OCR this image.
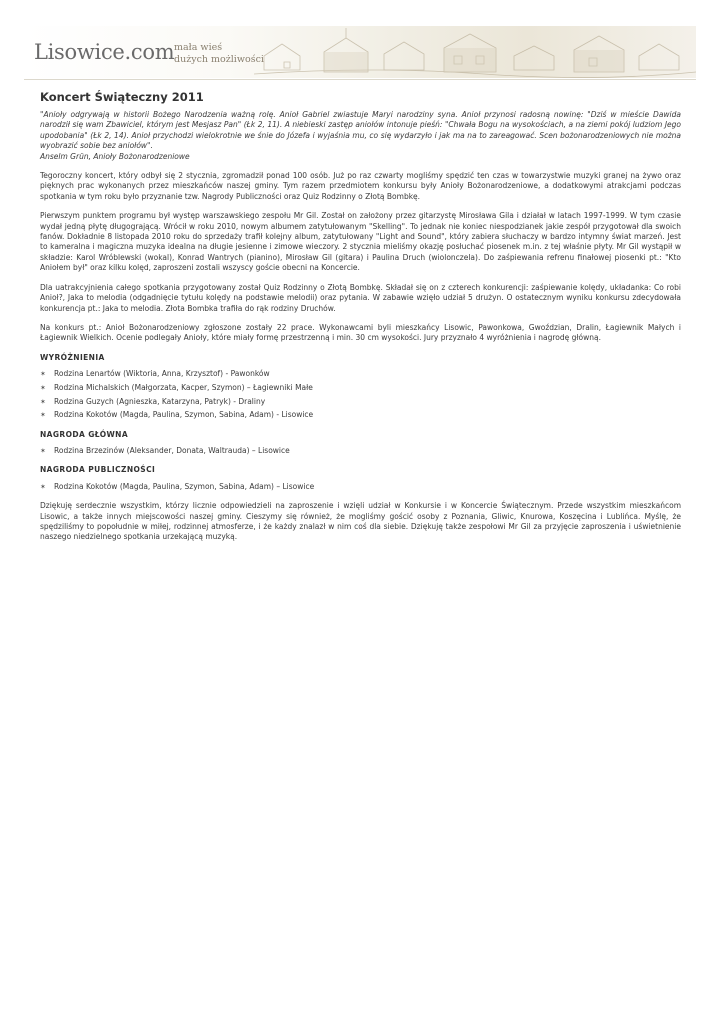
Lisowice.com mała wieś
dużych możliwości
Koncert Świąteczny 2011

"Anioły odgrywają w historii Bożego Narodzenia ważną rolę. Anioł Gabriel zwiastuje Maryi narodziny syna. Anioł przynosi radosną nowinę: "Dziś w mieście Dawida narodził się wam Zbawiciel, którym jest Mesjasz Pan" (Łk 2, 11). A niebieski zastęp aniołów intonuje pieśń: "Chwała Bogu na wysokościach, a na ziemi pokój ludziom Jego upodobania" (Łk 2, 14). Anioł przychodzi wielokrotnie we śnie do Józefa i wyjaśnia mu, co się wydarzyło i jak ma na to zareagować. Scen bożonarodzeniowych nie można wyobrazić sobie bez aniołów".

Anselm Grün, Anioły Bożonarodzeniowe

Tegoroczny koncert, który odbył się 2 stycznia, zgromadził ponad 100 osób. Już po raz czwarty mogliśmy spędzić ten czas w towarzystwie muzyki granej na żywo oraz pięknych prac wykonanych przez mieszkańców naszej gminy. Tym razem przedmiotem konkursu były Anioły Bożonarodzeniowe, a dodatkowymi atrakcjami podczas spotkania w tym roku było przyznanie tzw. Nagrody Publiczności oraz Quiz Rodzinny o Złotą Bombkę.

Pierwszym punktem programu był występ warszawskiego zespołu Mr Gil. Został on założony przez gitarzystę Mirosława Gila i działał w latach 1997-1999. W tym czasie wydał jedną płytę długogrającą. Wrócił w roku 2010, nowym albumem zatytułowanym "Skelling". To jednak nie koniec niespodzianek jakie zespół przygotował dla swoich fanów. Dokładnie 8 listopada 2010 roku do sprzedaży trafił kolejny album, zatytułowany "Light and Sound", który zabiera słuchaczy w bardzo intymny świat marzeń. Jest to kameralna i magiczna muzyka idealna na długie jesienne i zimowe wieczory. 2 stycznia mieliśmy okazję posłuchać piosenek m.in. z tej właśnie płyty. Mr Gil wystąpił w składzie: Karol Wróblewski (wokal), Konrad Wantrych (pianino), Mirosław Gil (gitara) i Paulina Druch (wiolonczela). Do zaśpiewania refrenu finałowej piosenki pt.: "Kto Aniołem był" oraz kilku kolęd, zaproszeni zostali wszyscy goście obecni na Koncercie.

Dla uatrakcyjnienia całego spotkania przygotowany został Quiz Rodzinny o Złotą Bombkę. Składał się on z czterech konkurencji: zaśpiewanie kolędy, układanka: Co robi Anioł?, Jaka to melodia (odgadnięcie tytułu kolędy na podstawie melodii) oraz pytania. W zabawie wzięło udział 5 drużyn. O ostatecznym wyniku konkursu zdecydowała konkurencja pt.: Jaka to melodia. Złota Bombka trafiła do rąk rodziny Druchów.

Na konkurs pt.: Anioł Bożonarodzeniowy zgłoszone zostały 22 prace. Wykonawcami byli mieszkańcy Lisowic, Pawonkowa, Gwoździan, Dralin, Łagiewnik Małych i Łagiewnik Wielkich. Ocenie podlegały Anioły, które miały formę przestrzenną i min. 30 cm wysokości. Jury przyznało 4 wyróżnienia i nagrodę główną.

WYRÓŻNIENIA
✶ Rodzina Lenartów (Wiktoria, Anna, Krzysztof) - Pawonków
✶ Rodzina Michalskich (Małgorzata, Kacper, Szymon) – Łagiewniki Małe
✶ Rodzina Guzych (Agnieszka, Katarzyna, Patryk) - Draliny
✶ Rodzina Kokotów (Magda, Paulina, Szymon, Sabina, Adam) - Lisowice
NAGRODA GŁÓWNA
✶ Rodzina Brzezinów (Aleksander, Donata, Waltrauda) – Lisowice
NAGRODA PUBLICZNOŚCI
✶ Rodzina Kokotów (Magda, Paulina, Szymon, Sabina, Adam) – Lisowice

Dziękuję serdecznie wszystkim, którzy licznie odpowiedzieli na zaproszenie i wzięli udział w Konkursie i w Koncercie Świątecznym. Przede wszystkim mieszkańcom Lisowic, a także innych miejscowości naszej gminy. Cieszymy się również, że mogliśmy gościć osoby z Poznania, Gliwic, Knurowa, Koszęcina i Lublińca. Myślę, że spędziliśmy to popołudnie w miłej, rodzinnej atmosferze, i że każdy znalazł w nim coś dla siebie. Dziękuję także zespołowi Mr Gil za przyjęcie zaproszenia i uświetnienie naszego niedzielnego spotkania urzekającą muzyką.
